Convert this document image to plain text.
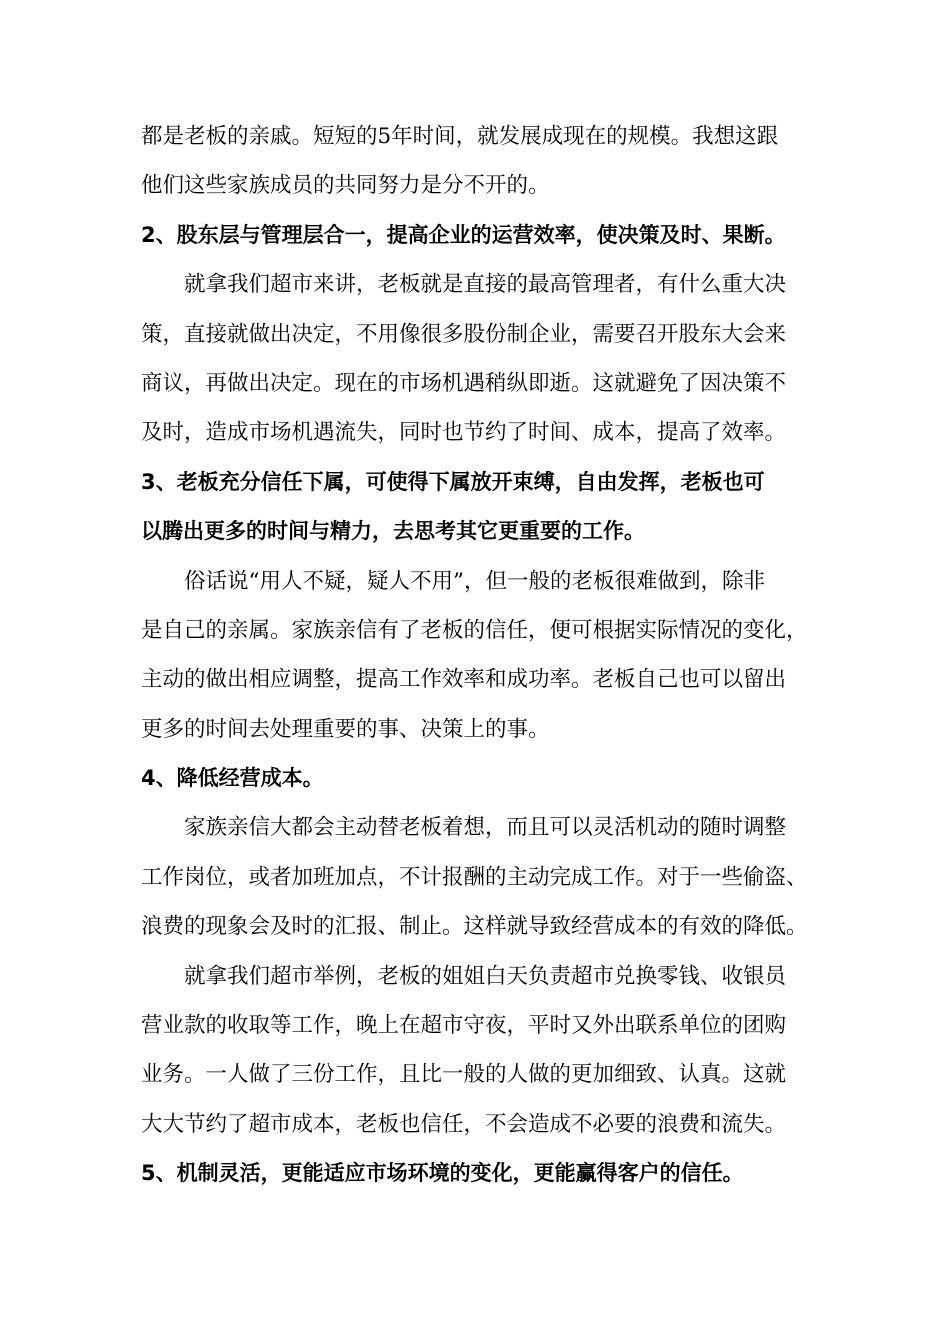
都是老板的亲戚。短短的5年时间，就发展成现在的规模。我想这跟
他们这些家族成员的共同努力是分不开的。
2、股东层与管理层合一，提高企业的运营效率，使决策及时、果断。
就拿我们超市来讲，老板就是直接的最高管理者，有什么重大决
策，直接就做出决定，不用像很多股份制企业，需要召开股东大会来
商议，再做出决定。现在的市场机遇稍纵即逝。这就避免了因决策不
及时，造成市场机遇流失，同时也节约了时间、成本，提高了效率。
3、老板充分信任下属，可使得下属放开束缚，自由发挥，老板也可
以腾出更多的时间与精力，去思考其它更重要的工作。
俗话说“用人不疑，疑人不用”，但一般的老板很难做到，除非
是自己的亲属。家族亲信有了老板的信任，便可根据实际情况的变化，
主动的做出相应调整，提高工作效率和成功率。老板自己也可以留出
更多的时间去处理重要的事、决策上的事。
4、降低经营成本。
家族亲信大都会主动替老板着想，而且可以灵活机动的随时调整
工作岗位，或者加班加点，不计报酬的主动完成工作。对于一些偷盗、
浪费的现象会及时的汇报、制止。这样就导致经营成本的有效的降低。
就拿我们超市举例，老板的姐姐白天负责超市兑换零钱、收银员
营业款的收取等工作，晚上在超市守夜，平时又外出联系单位的团购
业务。一人做了三份工作，且比一般的人做的更加细致、认真。这就
大大节约了超市成本，老板也信任，不会造成不必要的浪费和流失。
5、机制灵活，更能适应市场环境的变化，更能赢得客户的信任。
